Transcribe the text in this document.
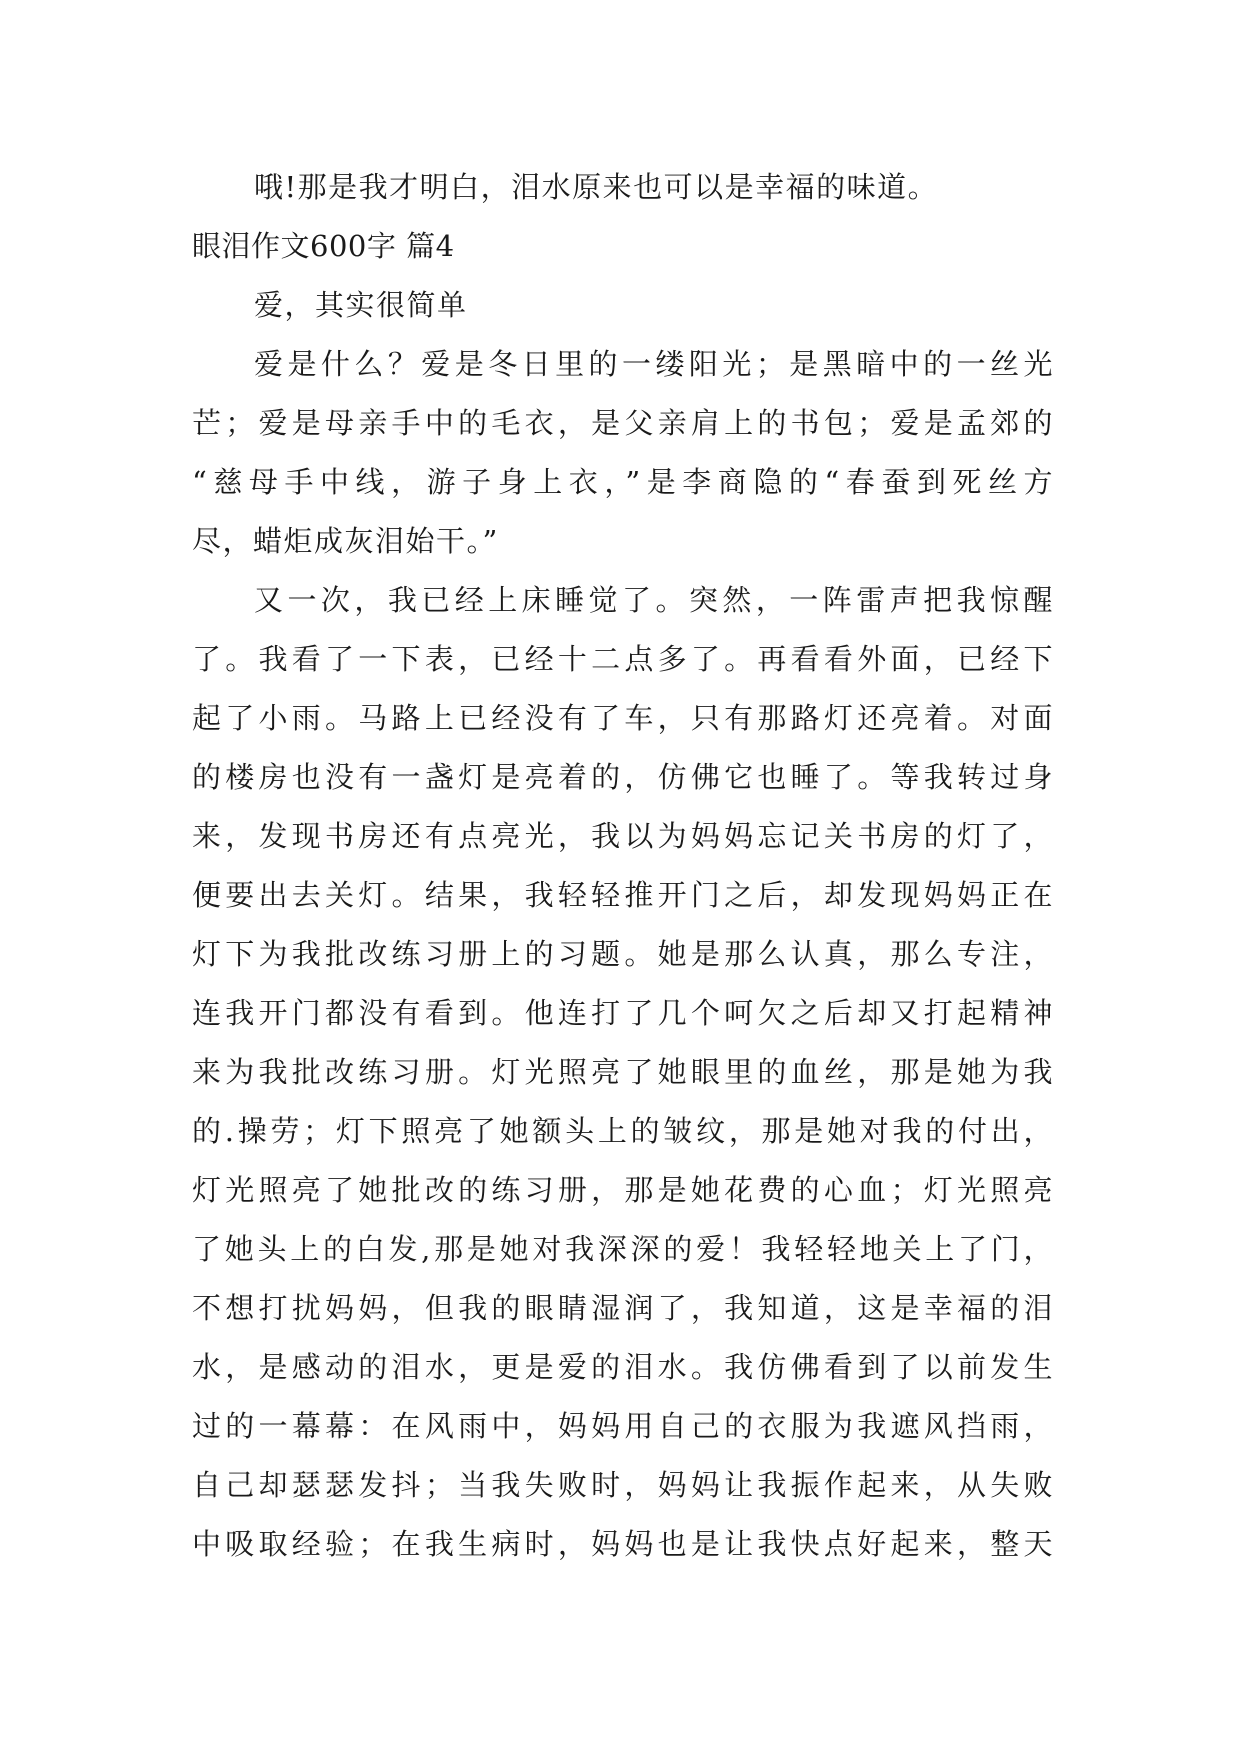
哦!那是我才明白，泪水原来也可以是幸福的味道。
眼泪作文600字 篇4
爱，其实很简单
爱是什么？爱是冬日里的一缕阳光；是黑暗中的一丝光
芒；爱是母亲手中的毛衣，是父亲肩上的书包；爱是孟郊的
“慈母手中线，游子身上衣，”是李商隐的“春蚕到死丝方
尽，蜡炬成灰泪始干。”
又一次，我已经上床睡觉了。突然，一阵雷声把我惊醒
了。我看了一下表，已经十二点多了。再看看外面，已经下
起了小雨。马路上已经没有了车，只有那路灯还亮着。对面
的楼房也没有一盏灯是亮着的，仿佛它也睡了。等我转过身
来，发现书房还有点亮光，我以为妈妈忘记关书房的灯了，
便要出去关灯。结果，我轻轻推开门之后，却发现妈妈正在
灯下为我批改练习册上的习题。她是那么认真，那么专注，
连我开门都没有看到。他连打了几个呵欠之后却又打起精神
来为我批改练习册。灯光照亮了她眼里的血丝，那是她为我
的.操劳；灯下照亮了她额头上的皱纹，那是她对我的付出，
灯光照亮了她批改的练习册，那是她花费的心血；灯光照亮
了她头上的白发,那是她对我深深的爱！我轻轻地关上了门，
不想打扰妈妈，但我的眼睛湿润了，我知道，这是幸福的泪
水，是感动的泪水，更是爱的泪水。我仿佛看到了以前发生
过的一幕幕：在风雨中，妈妈用自己的衣服为我遮风挡雨，
自己却瑟瑟发抖；当我失败时，妈妈让我振作起来，从失败
中吸取经验；在我生病时，妈妈也是让我快点好起来，整天
